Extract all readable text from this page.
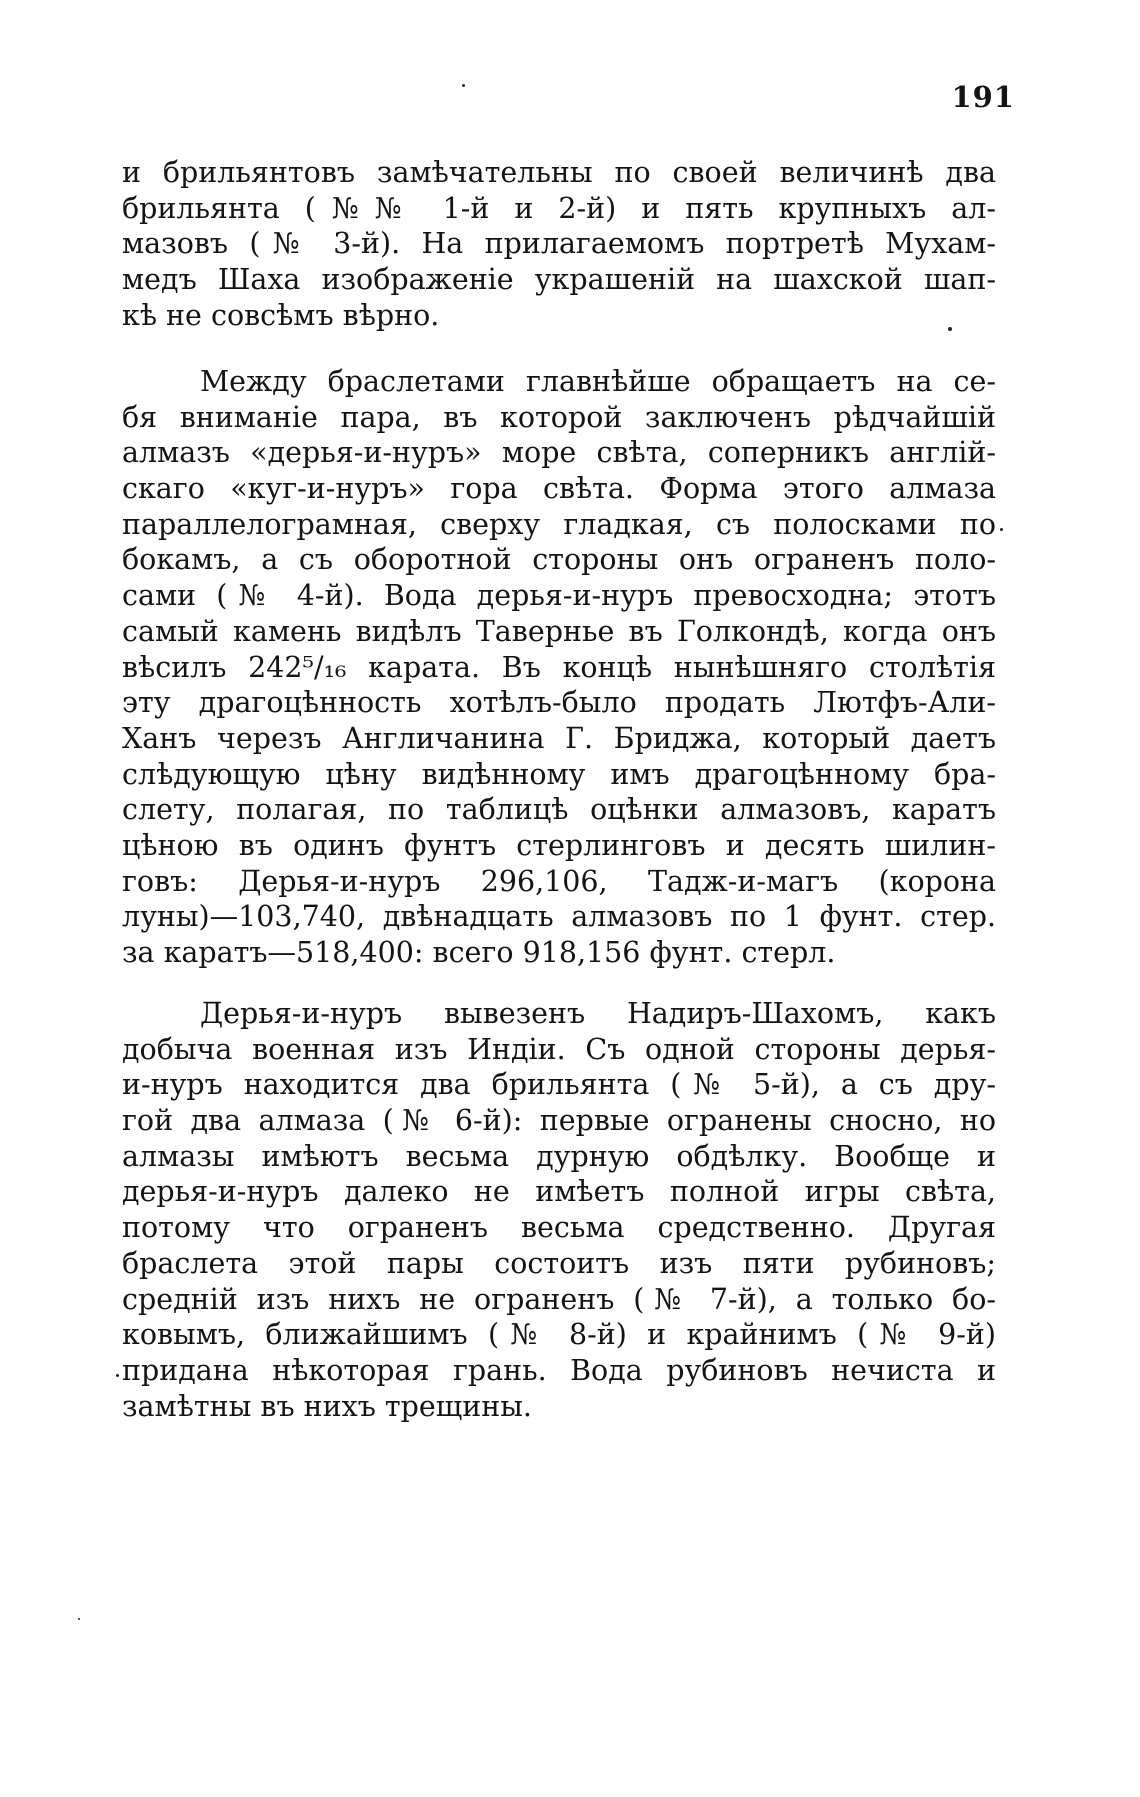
191
и брильянтовъ замѣчательны по своей величинѣ два
брильянта (№№ 1-й и 2-й) и пять крупныхъ ал-
мазовъ (№ 3-й). На прилагаемомъ портретѣ Мухам-
медъ Шаха изображенiе украшенiй на шахской шап-
кѣ не совсѣмъ вѣрно.
Между браслетами главнѣйше обращаетъ на се-
бя вниманiе пара, въ которой заключенъ рѣдчайшiй
алмазъ «дерья-и-нуръ» море свѣта, соперникъ англiй-
скаго «куг-и-нуръ» гора свѣта. Форма этого алмаза
параллелограмная, сверху гладкая, съ полосками по
бокамъ, а съ оборотной стороны онъ ограненъ поло-
сами (№ 4-й). Вода дерья-и-нуръ превосходна; этотъ
самый камень видѣлъ Тавернье въ Голкондѣ, когда онъ
вѣсилъ 242⁵/₁₆ карата. Въ концѣ нынѣшняго столѣтiя
эту драгоцѣнность хотѣлъ-было продать Лютфъ-Али-
Ханъ черезъ Англичанина Г. Бриджа, который даетъ
слѣдующую цѣну видѣнному имъ драгоцѣнному бра-
слету, полагая, по таблицѣ оцѣнки алмазовъ, каратъ
цѣною въ одинъ фунтъ стерлинговъ и десять шилин-
говъ: Дерья-и-нуръ 296,106, Тадж-и-магъ (корона
луны)—103,740, двѣнадцать алмазовъ по 1 фунт. стер.
за каратъ—518,400: всего 918,156 фунт. стерл.
Дерья-и-нуръ вывезенъ Надиръ-Шахомъ, какъ
добыча военная изъ Индiи. Съ одной стороны дерья-
и-нуръ находится два брильянта (№ 5-й), а съ дру-
гой два алмаза (№ 6-й): первые огранены сносно, но
алмазы имѣютъ весьма дурную обдѣлку. Вообще и
дерья-и-нуръ далеко не имѣетъ полной игры свѣта,
потому что ограненъ весьма средственно. Другая
браслета этой пары состоитъ изъ пяти рубиновъ;
среднiй изъ нихъ не ограненъ (№ 7-й), а только бо-
ковымъ, ближайшимъ (№ 8-й) и крайнимъ (№ 9-й)
придана нѣкоторая грань. Вода рубиновъ нечиста и
замѣтны въ нихъ трещины.
